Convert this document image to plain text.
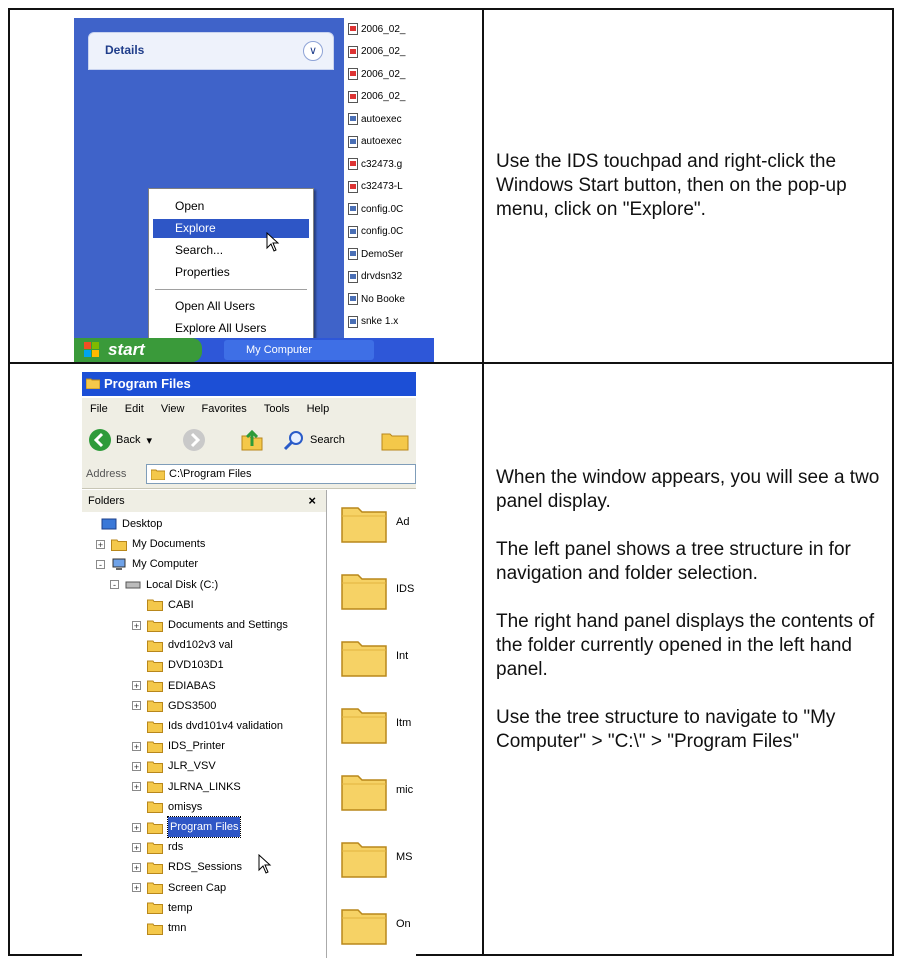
Details	∨
2006_02_
2006_02_
2006_02_
2006_02_
autoexec
autoexec
c32473.g
c32473-L
config.0C
config.0C
DemoSer
drvdsn32
No Booke
snke 1.x
Open
Explore
Search...
Properties
Open All Users
Explore All Users
start	My Computer

Use the IDS touchpad and right-click the Windows Start button, then on the pop-up menu, click on "Explore".

Program Files
File Edit View Favorites Tools Help
Back ▾	Search
Address	C:\Program Files
Folders	×
Desktop
+	My Documents
-	My Computer
-	Local Disk (C:)
CABI
+	Documents and Settings
dvd102v3 val
DVD103D1
+	EDIABAS
+	GDS3500
Ids dvd101v4 validation
+	IDS_Printer
+	JLR_VSV
+	JLRNA_LINKS
omisys
+	Program Files
+	rds
+	RDS_Sessions
+	Screen Cap
temp
tmn
Ad
IDS
Int
Itm
mic
MS
On

When the window appears, you will see a two panel display.

The left panel shows a tree structure in for navigation and folder selection.

The right hand panel displays the contents of the folder currently opened in the left hand panel.

Use the tree structure to navigate to "My Computer" > "C:\" > "Program Files"
